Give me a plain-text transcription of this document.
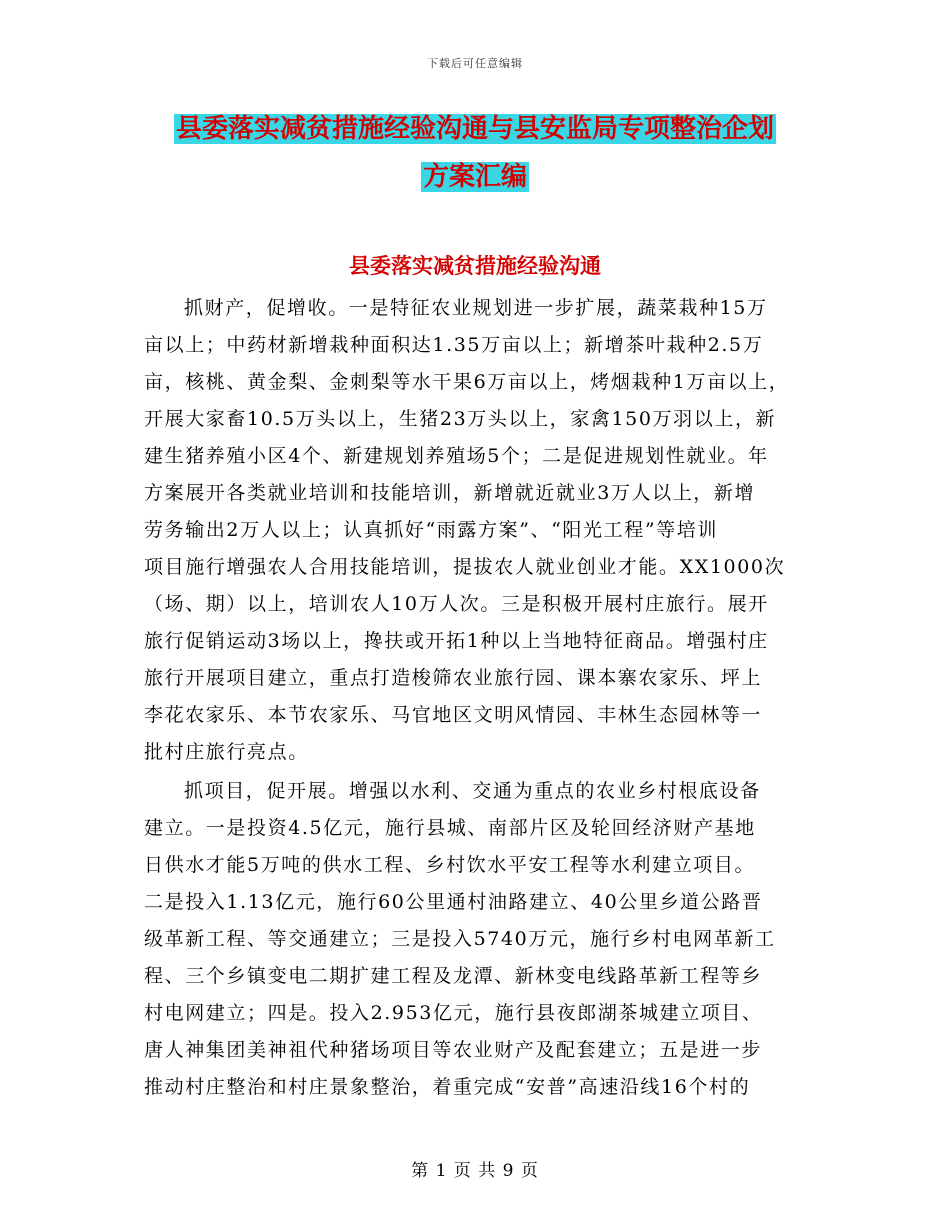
下载后可任意编辑
县委落实减贫措施经验沟通与县安监局专项整治企划
方案汇编
县委落实减贫措施经验沟通
抓财产，促增收。一是特征农业规划进一步扩展，蔬菜栽种15万
亩以上；中药材新增栽种面积达1.35万亩以上；新增茶叶栽种2.5万
亩，核桃、黄金梨、金刺梨等水干果6万亩以上，烤烟栽种1万亩以上，
开展大家畜10.5万头以上，生猪23万头以上，家禽150万羽以上，新
建生猪养殖小区4个、新建规划养殖场5个；二是促进规划性就业。年
方案展开各类就业培训和技能培训，新增就近就业3万人以上，新增
劳务输出2万人以上；认真抓好“雨露方案”、“阳光工程”等培训
项目施行增强农人合用技能培训，提拔农人就业创业才能。XX1000次
（场、期）以上，培训农人10万人次。三是积极开展村庄旅行。展开
旅行促销运动3场以上，搀扶或开拓1种以上当地特征商品。增强村庄
旅行开展项目建立，重点打造梭筛农业旅行园、课本寨农家乐、坪上
李花农家乐、本节农家乐、马官地区文明风情园、丰林生态园林等一
批村庄旅行亮点。
抓项目，促开展。增强以水利、交通为重点的农业乡村根底设备
建立。一是投资4.5亿元，施行县城、南部片区及轮回经济财产基地
日供水才能5万吨的供水工程、乡村饮水平安工程等水利建立项目。
二是投入1.13亿元，施行60公里通村油路建立、40公里乡道公路晋
级革新工程、等交通建立；三是投入5740万元，施行乡村电网革新工
程、三个乡镇变电二期扩建工程及龙潭、新林变电线路革新工程等乡
村电网建立；四是。投入2.953亿元，施行县夜郎湖茶城建立项目、
唐人神集团美神祖代种猪场项目等农业财产及配套建立；五是进一步
推动村庄整治和村庄景象整治，着重完成“安普”高速沿线16个村的
第 1 页 共 9 页
